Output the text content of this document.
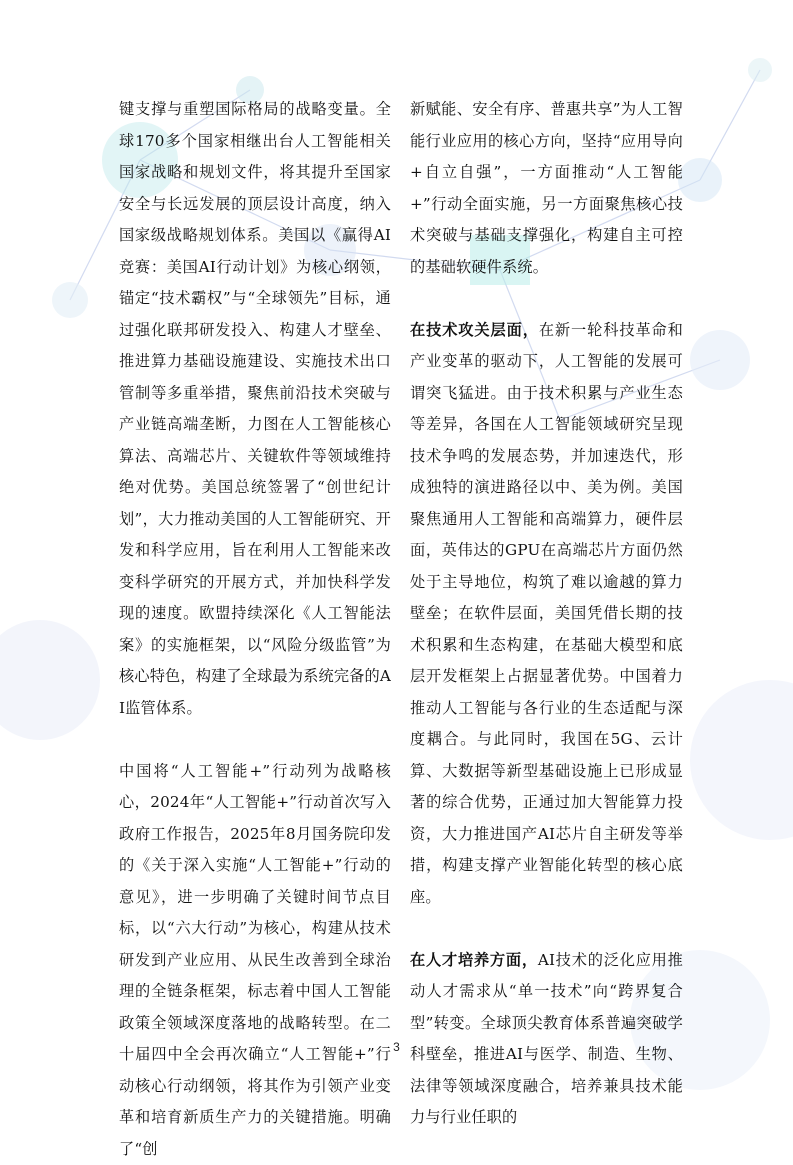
键支撑与重塑国际格局的战略变量。全球170多个国家相继出台人工智能相关国家战略和规划文件，将其提升至国家安全与长远发展的顶层设计高度，纳入国家级战略规划体系。美国以《赢得AI竞赛：美国AI行动计划》为核心纲领，锚定“技术霸权”与“全球领先”目标，通过强化联邦研发投入、构建人才壁垒、推进算力基础设施建设、实施技术出口管制等多重举措，聚焦前沿技术突破与产业链高端垄断，力图在人工智能核心算法、高端芯片、关键软件等领域维持绝对优势。美国总统签署了“创世纪计划”，大力推动美国的人工智能研究、开发和科学应用，旨在利用人工智能来改变科学研究的开展方式，并加快科学发现的速度。欧盟持续深化《人工智能法案》的实施框架，以“风险分级监管”为核心特色，构建了全球最为系统完备的AI监管体系。

中国将“人工智能+”行动列为战略核心，2024年“人工智能+”行动首次写入政府工作报告，2025年8月国务院印发的《关于深入实施“人工智能+”行动的意见》，进一步明确了关键时间节点目标，以“六大行动”为核心，构建从技术研发到产业应用、从民生改善到全球治理的全链条框架，标志着中国人工智能政策全领域深度落地的战略转型。在二十届四中全会再次确立“人工智能+”行动核心行动纲领，将其作为引领产业变革和培育新质生产力的关键措施。明确了“创

新赋能、安全有序、普惠共享”为人工智能行业应用的核心方向，坚持“应用导向+自立自强”，一方面推动“人工智能+”行动全面实施，另一方面聚焦核心技术突破与基础支撑强化，构建自主可控的基础软硬件系统。

在技术攻关层面，在新一轮科技革命和产业变革的驱动下，人工智能的发展可谓突飞猛进。由于技术积累与产业生态等差异，各国在人工智能领域研究呈现技术争鸣的发展态势，并加速迭代，形成独特的演进路径以中、美为例。美国聚焦通用人工智能和高端算力，硬件层面，英伟达的GPU在高端芯片方面仍然处于主导地位，构筑了难以逾越的算力壁垒；在软件层面，美国凭借长期的技术积累和生态构建，在基础大模型和底层开发框架上占据显著优势。中国着力推动人工智能与各行业的生态适配与深度耦合。与此同时，我国在5G、云计算、大数据等新型基础设施上已形成显著的综合优势，正通过加大智能算力投资，大力推进国产AI芯片自主研发等举措，构建支撑产业智能化转型的核心底座。

在人才培养方面，AI技术的泛化应用推动人才需求从“单一技术”向“跨界复合型”转变。全球顶尖教育体系普遍突破学科壁垒，推进AI与医学、制造、生物、法律等领域深度融合，培养兼具技术能力与行业任职的

3
